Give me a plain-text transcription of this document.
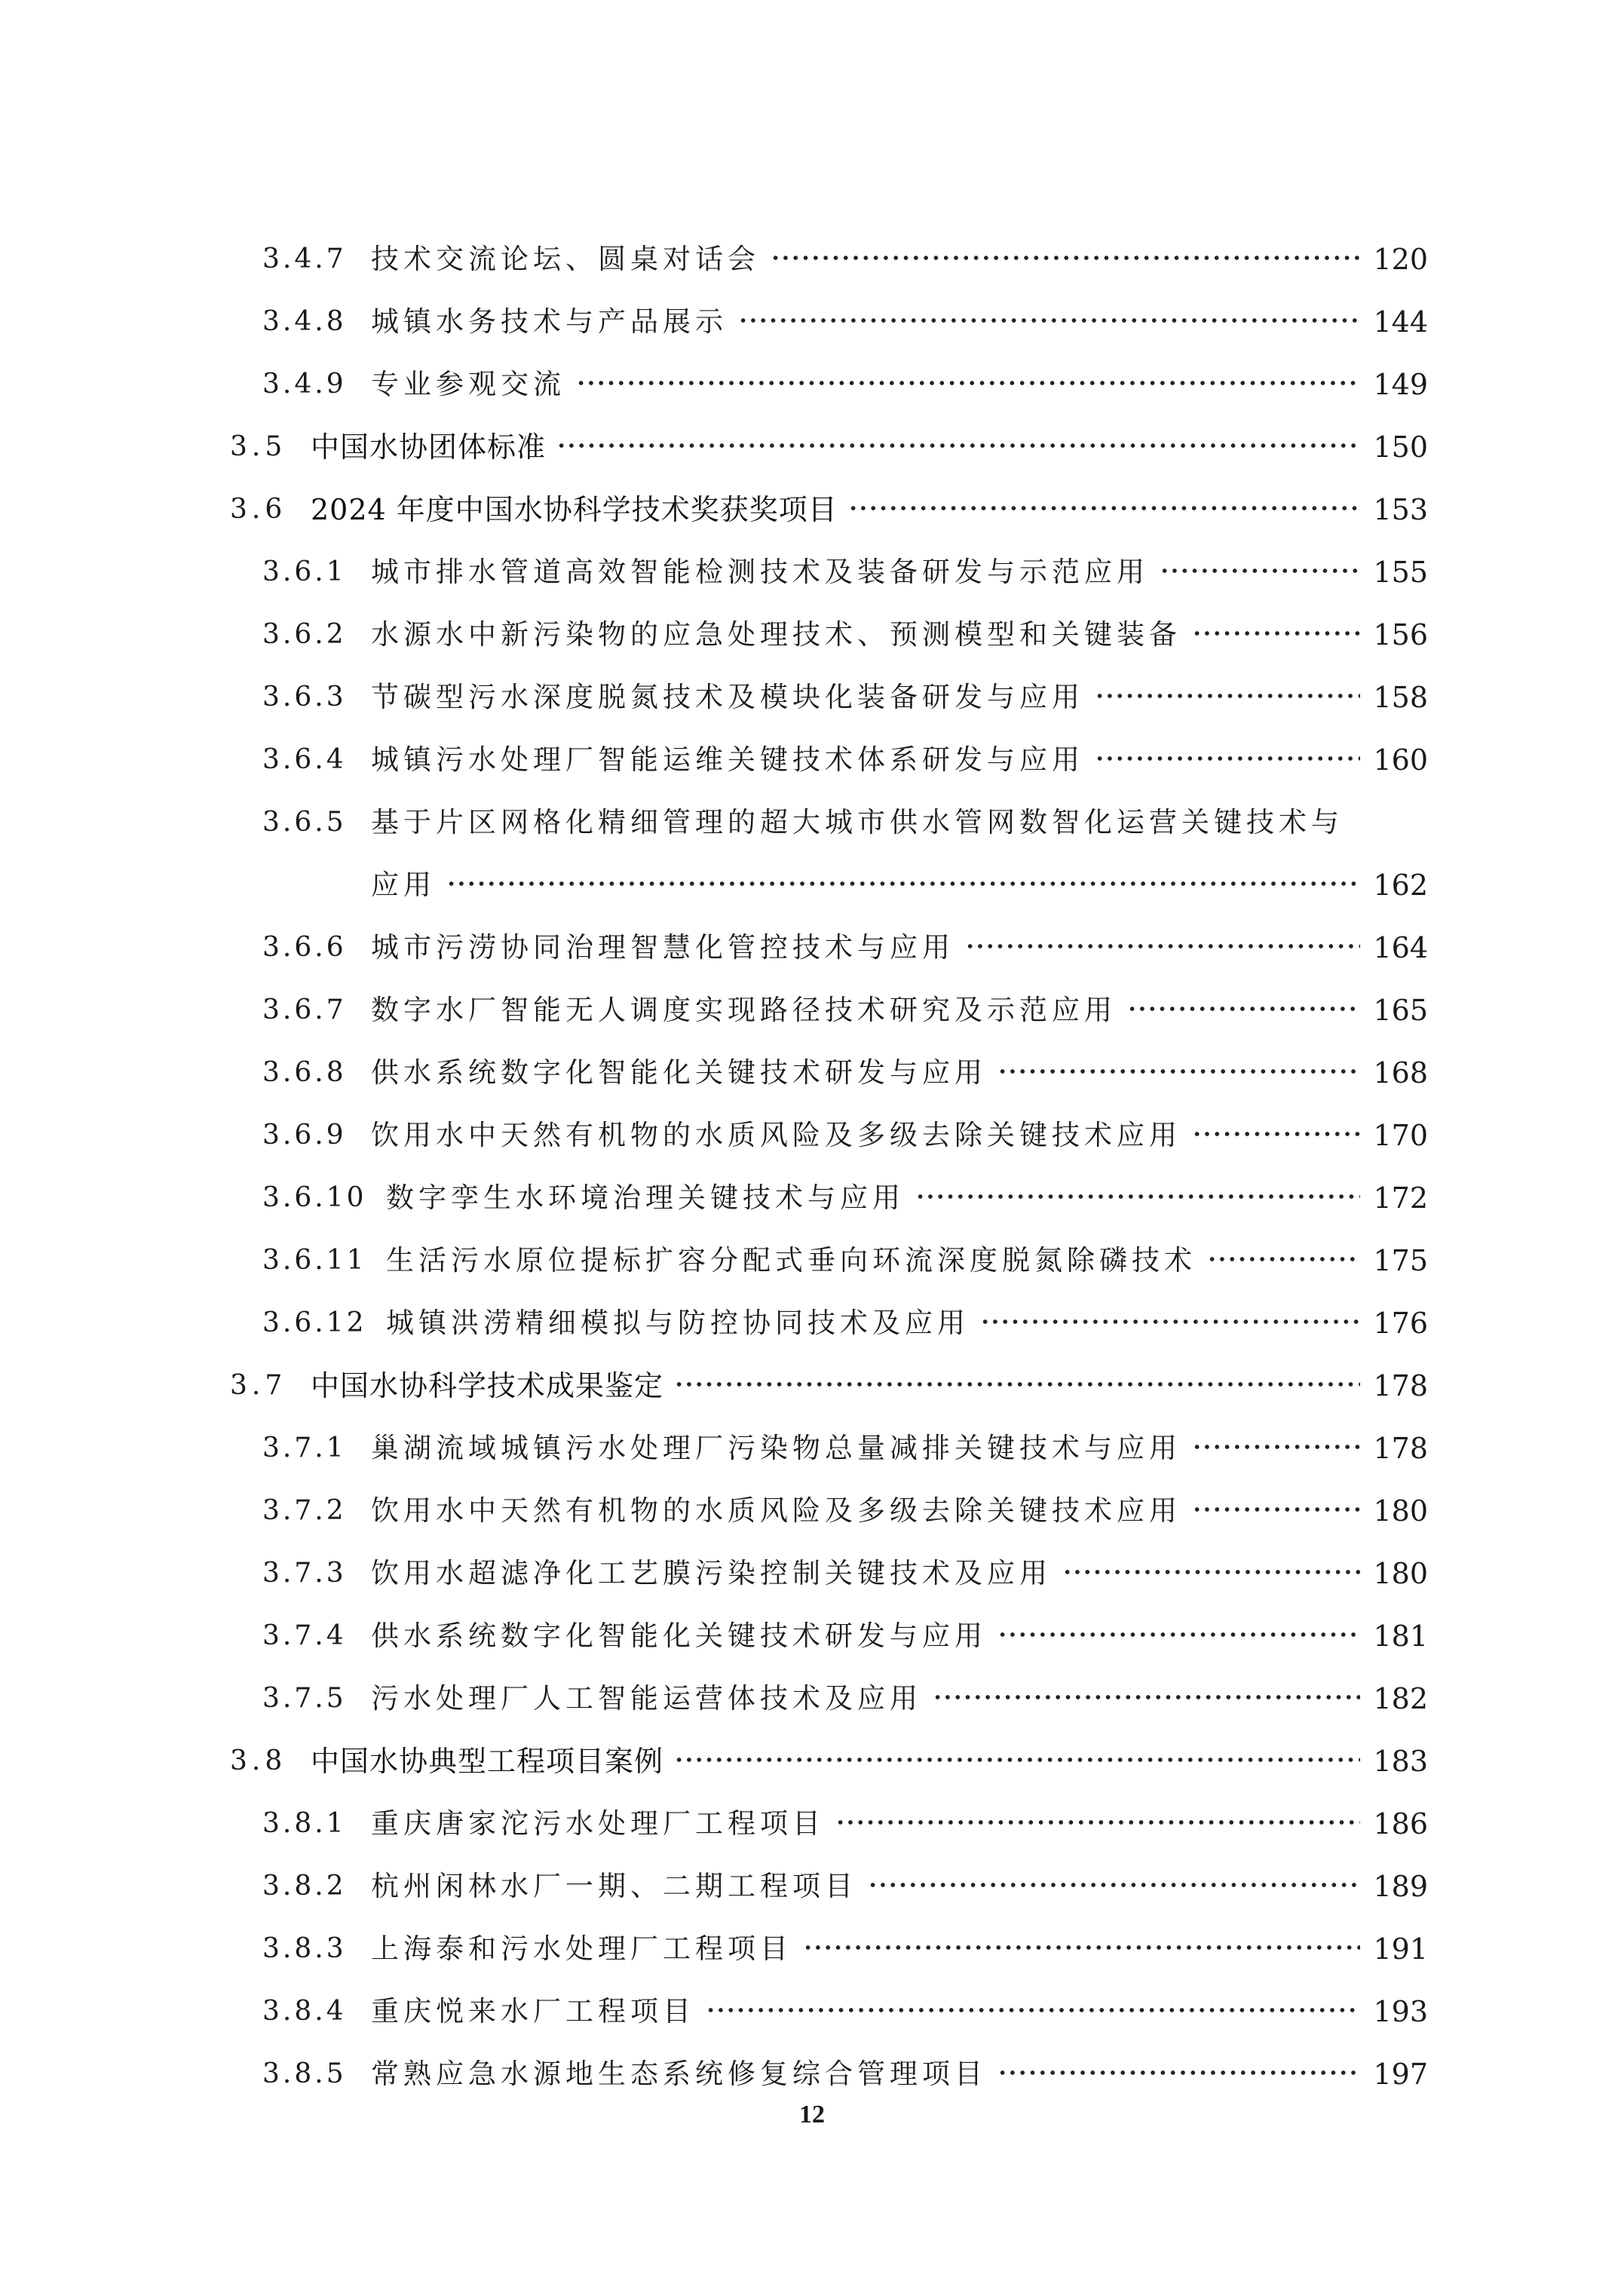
3.4.7 技术交流论坛、圆桌对话会	120
3.4.8 城镇水务技术与产品展示	144
3.4.9 专业参观交流	149
3.5 中国水协团体标准	150
3.6 2024 年度中国水协科学技术奖获奖项目	153
3.6.1 城市排水管道高效智能检测技术及装备研发与示范应用	155
3.6.2 水源水中新污染物的应急处理技术、预测模型和关键装备	156
3.6.3 节碳型污水深度脱氮技术及模块化装备研发与应用	158
3.6.4 城镇污水处理厂智能运维关键技术体系研发与应用	160
3.6.5 基于片区网格化精细管理的超大城市供水管网数智化运营关键技术与
应用	162
3.6.6 城市污涝协同治理智慧化管控技术与应用	164
3.6.7 数字水厂智能无人调度实现路径技术研究及示范应用	165
3.6.8 供水系统数字化智能化关键技术研发与应用	168
3.6.9 饮用水中天然有机物的水质风险及多级去除关键技术应用	170
3.6.10 数字孪生水环境治理关键技术与应用	172
3.6.11 生活污水原位提标扩容分配式垂向环流深度脱氮除磷技术	175
3.6.12 城镇洪涝精细模拟与防控协同技术及应用	176
3.7 中国水协科学技术成果鉴定	178
3.7.1 巢湖流域城镇污水处理厂污染物总量减排关键技术与应用	178
3.7.2 饮用水中天然有机物的水质风险及多级去除关键技术应用	180
3.7.3 饮用水超滤净化工艺膜污染控制关键技术及应用	180
3.7.4 供水系统数字化智能化关键技术研发与应用	181
3.7.5 污水处理厂人工智能运营体技术及应用	182
3.8 中国水协典型工程项目案例	183
3.8.1 重庆唐家沱污水处理厂工程项目	186
3.8.2 杭州闲林水厂一期、二期工程项目	189
3.8.3 上海泰和污水处理厂工程项目	191
3.8.4 重庆悦来水厂工程项目	193
3.8.5 常熟应急水源地生态系统修复综合管理项目	197
12
